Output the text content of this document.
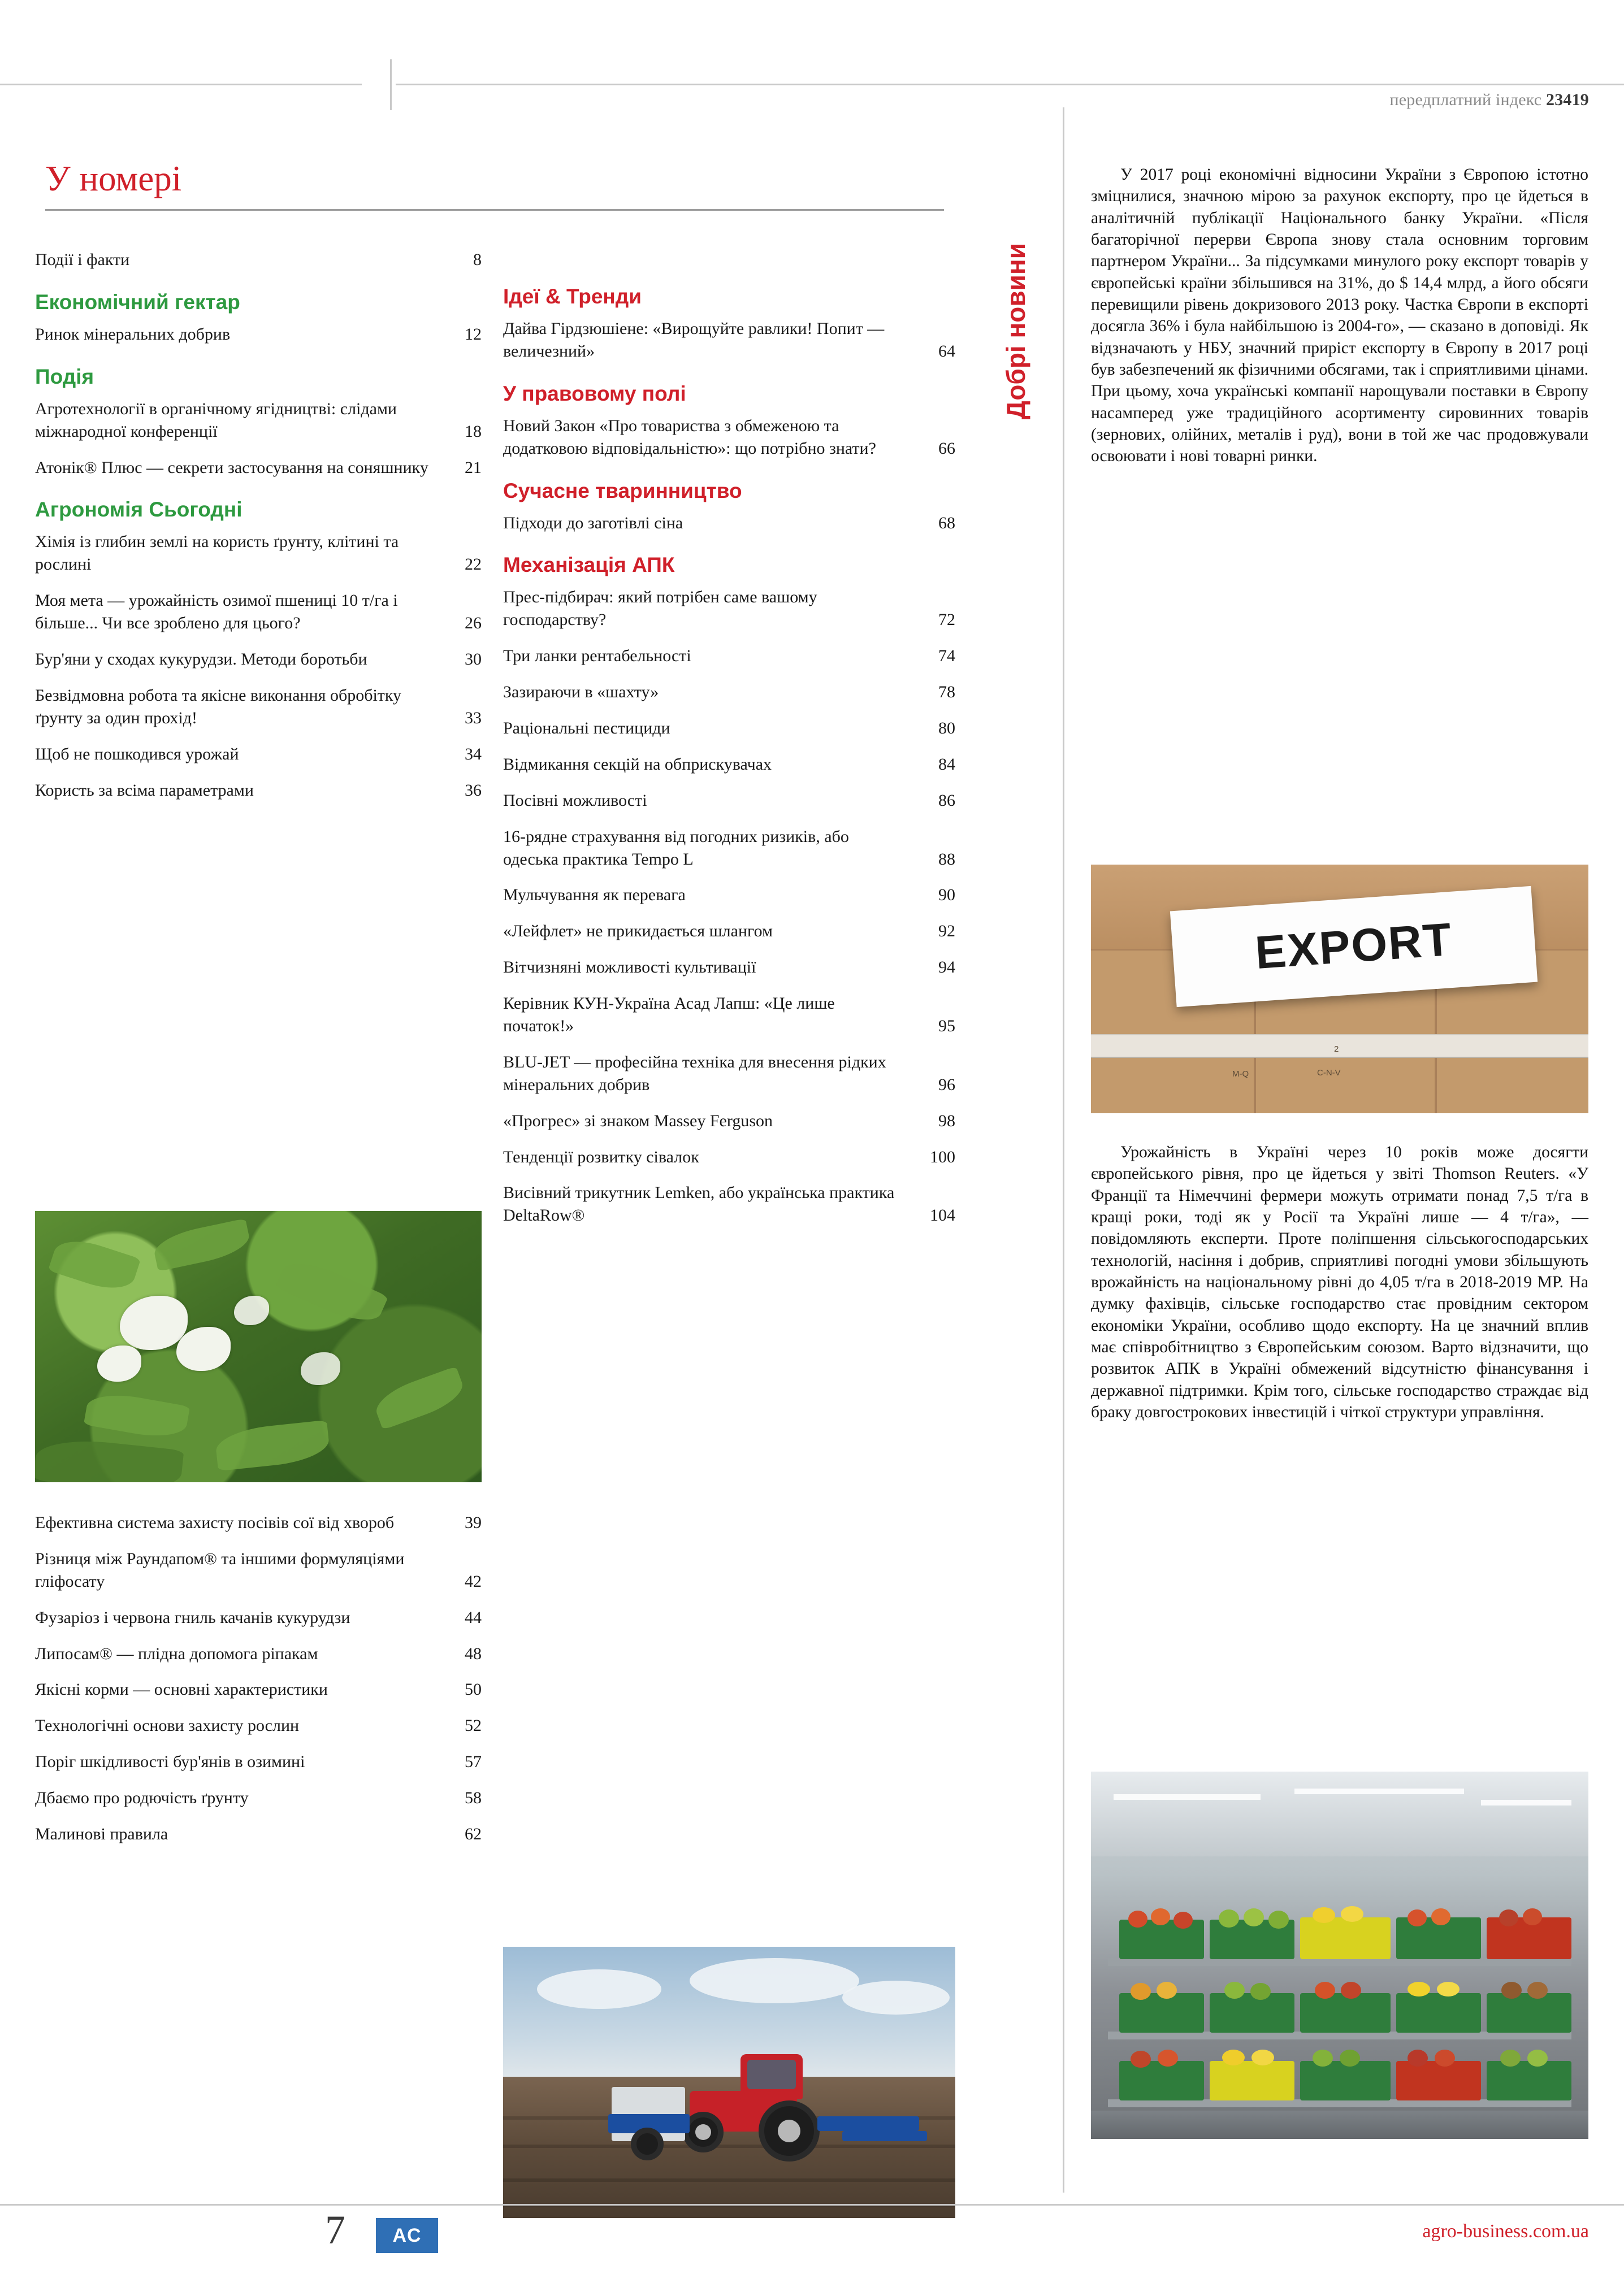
передплатний індекс 23419
У номері
Події і факти	8
Економічний гектар
Ринок мінеральних добрив	12
Подія
Агротехнології в органічному ягідництві: слідами міжнародної конференції	18
Атонік® Плюс — секрети застосування на соняшнику 21
Агрономія Сьогодні
Хімія із глибин землі на користь ґрунту, клітині та рослині	22
Моя мета — урожайність озимої пшениці 10 т/га і більше... Чи все зроблено для цього?	26
Бур'яни у сходах кукурудзи. Методи боротьби	30
Безвідмовна робота та якісне виконання обробітку ґрунту за один прохід!	33
Щоб не пошкодився урожай	34
Користь за всіма параметрами	36
Ефективна система захисту посівів сої від хвороб	39
Різниця між Раундапом® та іншими формуляціями гліфосату	42
Фузаріоз і червона гниль качанів кукурудзи	44
Липосам® — плідна допомога ріпакам	48
Якісні корми — основні характеристики	50
Технологічні основи захисту рослин	52
Поріг шкідливості бур'янів в озимині	57
Дбаємо про родючість ґрунту	58
Малинові правила	62
Ідеї & Тренди
Дайва Гірдзюшiене: «Вирощуйте равлики! Попит — величезний»	64
У правовому полі
Новий Закон «Про товариства з обмеженою та додатковою відповідальністю»: що потрібно знати?	66
Сучасне тваринництво
Підходи до заготівлі сіна	68
Механізація АПК
Прес-підбирач: який потрібен саме вашому господарству?	72
Три ланки рентабельності	74
Зазираючи в «шахту»	78
Раціональні пестициди	80
Відмикання секцій на обприскувачах	84
Посівні можливості	86
16-рядне страхування від погодних ризиків, або одеська практика Tempo L	88
Мульчування як перевага	90
«Лейфлет» не прикидається шлангом	92
Вітчизняні можливості культивації	94
Керівник КУН-Україна Асад Лапш: «Це лише початок!»	95
BLU-JET — професійна техніка для внесення рідких мінеральних добрив	96
«Прогрес» зі знаком Massey Ferguson	98
Тенденції розвитку сівалок	100
Висівний трикутник Lemken, або українська практика DeltaRow®	104
Добрі новини

У 2017 році економічні відносини України з Європою істотно зміцнилися, значною мірою за рахунок експорту, про це йдеться в аналітичній публікації Національного банку України. «Після багаторічної перерви Європа знову стала основним торговим партнером України... За підсумками минулого року експорт товарів у європейські країни збільшився на 31%, до $ 14,4 млрд, а його обсяги перевищили рівень докризового 2013 року. Частка Європи в експорті досягла 36% і була найбільшою із 2004-го», — сказано в доповіді. Як відзначають у НБУ, значний приріст експорту в Європу в 2017 році був забезпечений як фізичними обсягами, так і сприятливими цінами. При цьому, хоча українські компанії нарощували поставки в Європу насамперед уже традиційного асортименту сировинних товарів (зернових, олійних, металів і руд), вони в той же час продовжували освоювати і нові товарні ринки.

2
C-N-V
M-Q
EXPORT

Урожайність в Україні через 10 років може досягти європейського рівня, про це йдеться у звіті Thomson Reuters. «У Франції та Німеччині фермери можуть отримати понад 7,5 т/га в кращі роки, тоді як у Росії та Україні лише — 4 т/га», — повідомляють експерти. Проте поліпшення сільськогосподарських технологій, насіння і добрив, сприятливі погодні умови збільшують врожайність на національному рівні до 4,05 т/га в 2018-2019 МР. На думку фахівців, сільське господарство стає провідним сектором економіки України, особливо щодо експорту. На це значний вплив має співробітництво з Європейським союзом. Варто відзначити, що розвиток АПК в Україні обмежений відсутністю фінансування і державної підтримки. Крім того, сільське господарство страждає від браку довгострокових інвестицій і чіткої структури управління.

7 AC	agro-business.com.ua
